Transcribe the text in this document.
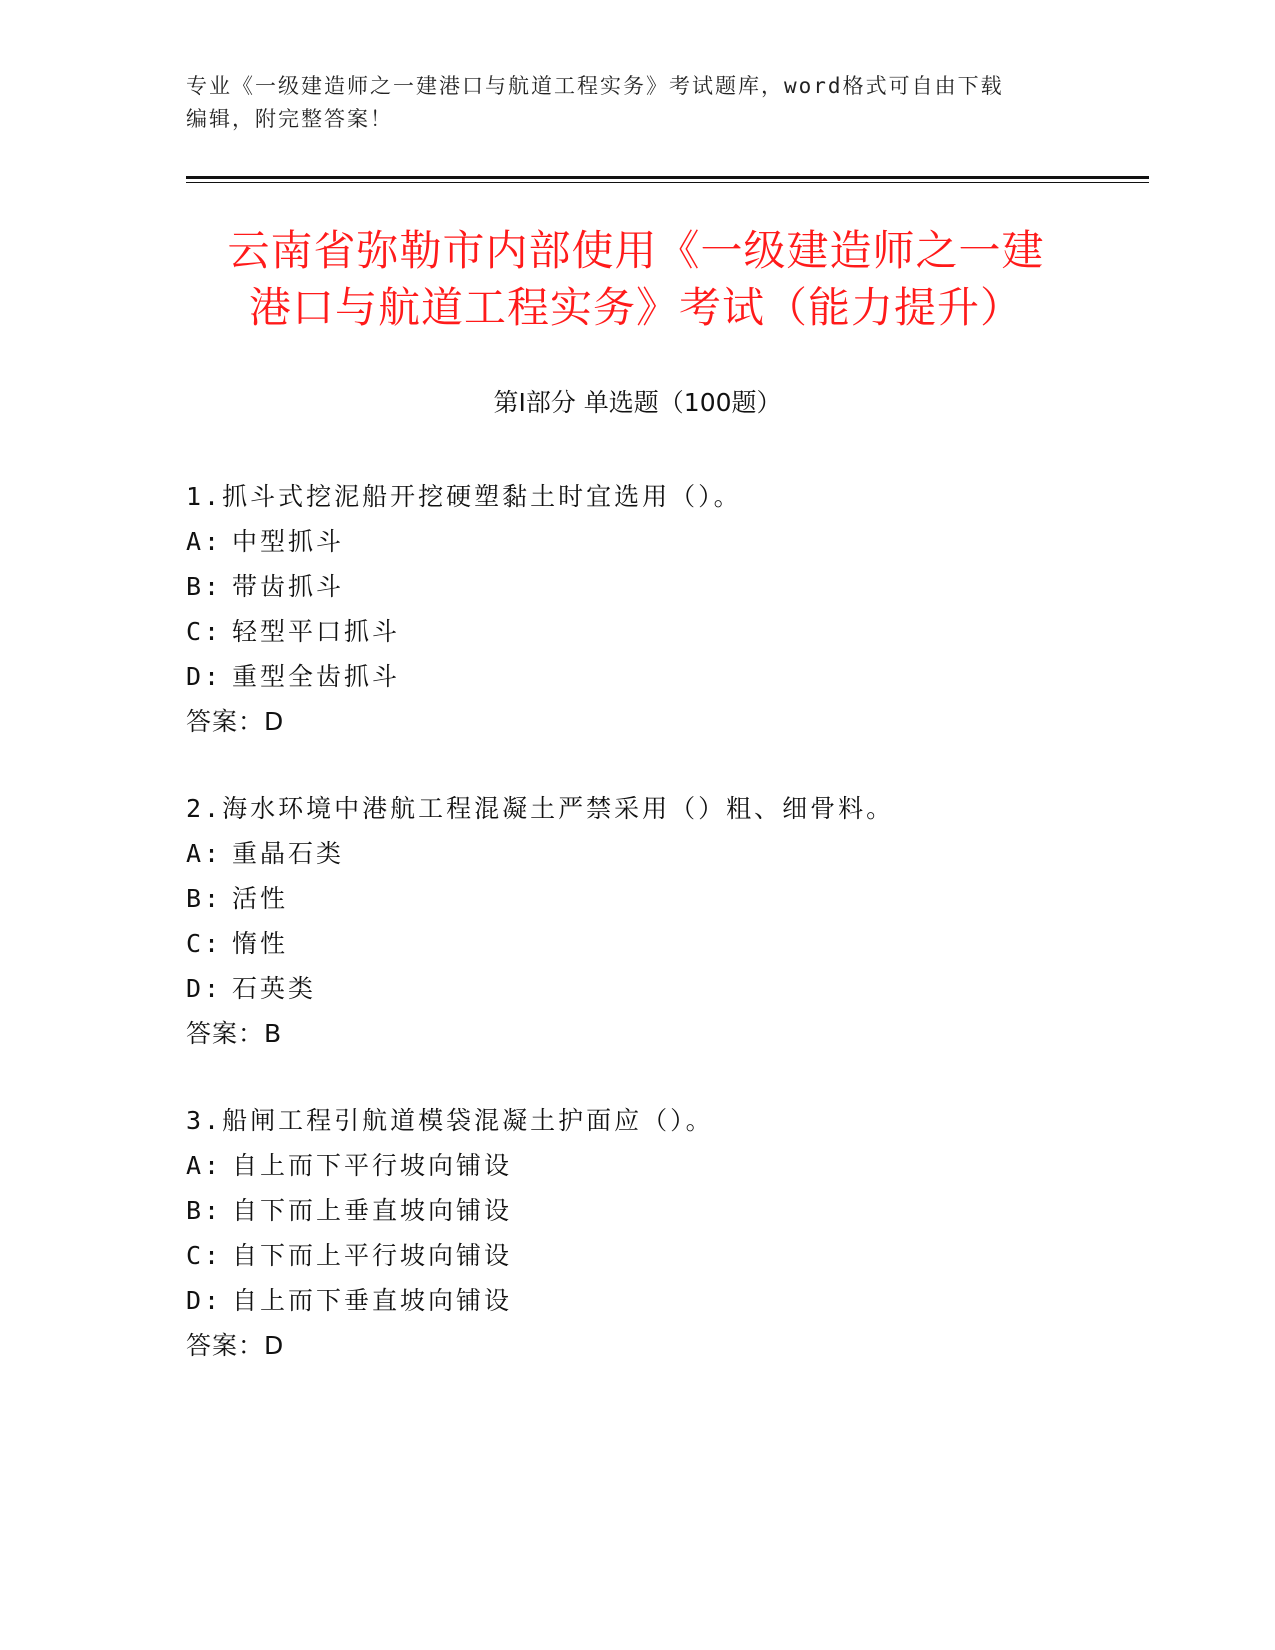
专业《一级建造师之一建港口与航道工程实务》考试题库，word格式可自由下载
编辑，附完整答案！
云南省弥勒市内部使用《一级建造师之一建
港口与航道工程实务》考试（能力提升）
第Ⅰ部分 单选题（100题）
1.抓斗式挖泥船开挖硬塑黏土时宜选用（）。
A: 中型抓斗
B: 带齿抓斗
C: 轻型平口抓斗
D: 重型全齿抓斗
答案：D
2.海水环境中港航工程混凝土严禁采用（）粗、细骨料。
A: 重晶石类
B: 活性
C: 惰性
D: 石英类
答案：B
3.船闸工程引航道模袋混凝土护面应（）。
A: 自上而下平行坡向铺设
B: 自下而上垂直坡向铺设
C: 自下而上平行坡向铺设
D: 自上而下垂直坡向铺设
答案：D
